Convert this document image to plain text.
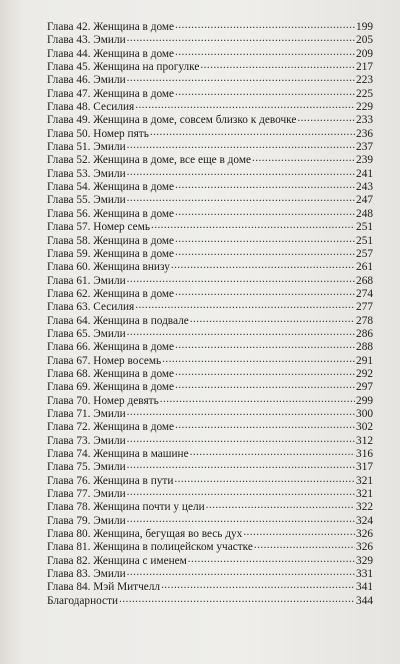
Глава 42. Женщина в доме .....	199
Глава 43. Эмили .....	205
Глава 44. Женщина в доме .....	209
Глава 45. Женщина на прогулке .....	217
Глава 46. Эмили .....	223
Глава 47. Женщина в доме .....	225
Глава 48. Сесилия .....	229
Глава 49. Женщина в доме, совсем близко к девочке .....	233
Глава 50. Номер пять .....	236
Глава 51. Эмили .....	237
Глава 52. Женщина в доме, все еще в доме .....	239
Глава 53. Эмили .....	241
Глава 54. Женщина в доме .....	243
Глава 55. Эмили .....	247
Глава 56. Женщина в доме .....	248
Глава 57. Номер семь .....	251
Глава 58. Женщина в доме .....	251
Глава 59. Женщина в доме .....	257
Глава 60. Женщина внизу .....	261
Глава 61. Эмили .....	268
Глава 62. Женщина в доме .....	274
Глава 63. Сесилия .....	277
Глава 64. Женщина в подвале .....	278
Глава 65. Эмили .....	286
Глава 66. Женщина в доме .....	288
Глава 67. Номер восемь .....	291
Глава 68. Женщина в доме .....	292
Глава 69. Женщина в доме .....	297
Глава 70. Номер девять .....	299
Глава 71. Эмили .....	300
Глава 72. Женщина в доме .....	302
Глава 73. Эмили .....	312
Глава 74. Женщина в машине .....	316
Глава 75. Эмили .....	317
Глава 76. Женщина в пути .....	321
Глава 77. Эмили .....	321
Глава 78. Женщина почти у цели .....	322
Глава 79. Эмили .....	324
Глава 80. Женщина, бегущая во весь дух .....	326
Глава 81. Женщина в полицейском участке .....	326
Глава 82. Женщина с именем .....	329
Глава 83. Эмили .....	331
Глава 84. Мэй Митчелл .....	341
Благодарности .....	344
